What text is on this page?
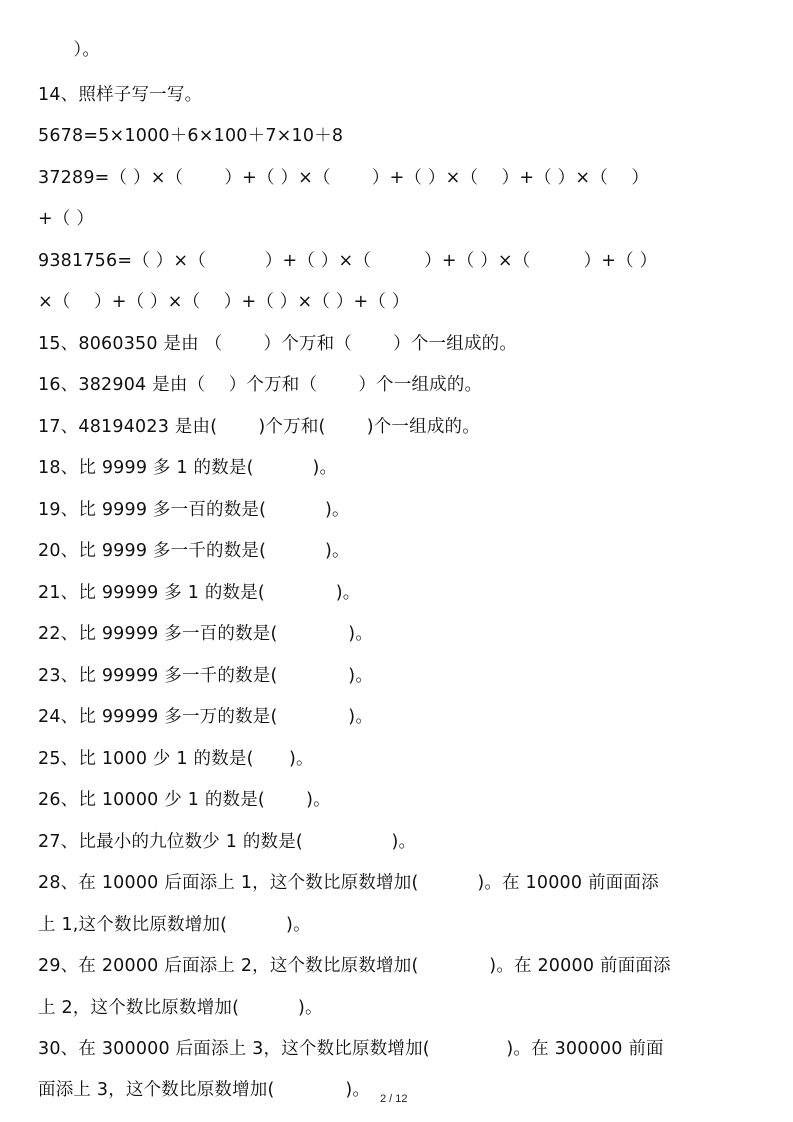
　　）。

14、照样子写一写。

5678=5×1000＋6×100＋7×10＋8

37289=（ ）×（　　 ）+（ ）×（　　 ）+（ ）×（　 ）+（ ）×（　 ）

+（ ）

9381756=（ ）×（　　　 ）+（ ）×（　　　）+（ ）×（　　　）+（ ）

×（　 ）+（ ）×（　 ）+（ ）×（ ）+（ ）

15、8060350 是由 （　　 ）个万和（　　 ）个一组成的。

16、382904 是由（　 ）个万和（　　 ）个一组成的。

17、48194023 是由(　　 )个万和(　　 )个一组成的。

18、比 9999 多 1 的数是(　　　 )。

19、比 9999 多一百的数是(　　　 )。

20、比 9999 多一千的数是(　　　 )。

21、比 99999 多 1 的数是(　　　　)。

22、比 99999 多一百的数是(　　　　)。

23、比 99999 多一千的数是(　　　　)。

24、比 99999 多一万的数是(　　　　)。

25、比 1000 少 1 的数是(　　)。

26、比 10000 少 1 的数是(　　 )。

27、比最小的九位数少 1 的数是(　　　　　)。

28、在 10000 后面添上 1，这个数比原数增加(　　　 )。在 10000 前面面添

上 1,这个数比原数增加(　　　 )。

29、在 20000 后面添上 2，这个数比原数增加(　　　　)。在 20000 前面面添

上 2，这个数比原数增加(　　　 )。

30、在 300000 后面添上 3，这个数比原数增加(　　　　 )。在 300000 前面

面添上 3，这个数比原数增加(　　　　)。 2 / 12
